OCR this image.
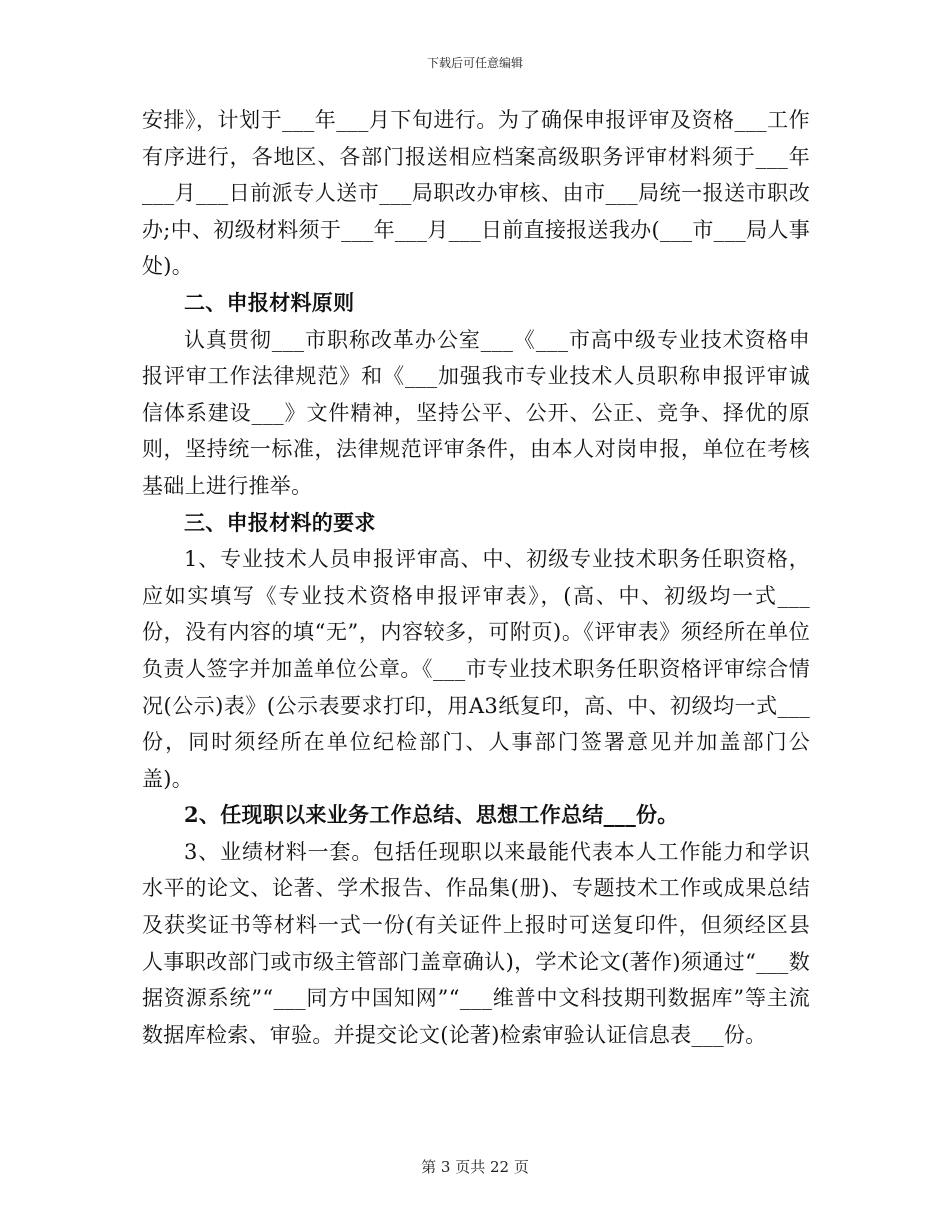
下载后可任意编辑

安排》，计划于___年___月下旬进行。为了确保申报评审及资格___工作有序进行，各地区、各部门报送相应档案高级职务评审材料须于___年___月___日前派专人送市___局职改办审核、由市___局统一报送市职改办;中、初级材料须于___年___月___日前直接报送我办(___市___局人事处)。

二、申报材料原则

认真贯彻___市职称改革办公室___《___市高中级专业技术资格申报评审工作法律规范》和《___加强我市专业技术人员职称申报评审诚信体系建设___》文件精神，坚持公平、公开、公正、竞争、择优的原则，坚持统一标准，法律规范评审条件，由本人对岗申报，单位在考核基础上进行推举。

三、申报材料的要求

1、专业技术人员申报评审高、中、初级专业技术职务任职资格，应如实填写《专业技术资格申报评审表》，(高、中、初级均一式___份，没有内容的填“无”，内容较多，可附页)。《评审表》须经所在单位负责人签字并加盖单位公章。《___市专业技术职务任职资格评审综合情况(公示)表》(公示表要求打印，用A3纸复印，高、中、初级均一式___份，同时须经所在单位纪检部门、人事部门签署意见并加盖部门公盖)。

2、任现职以来业务工作总结、思想工作总结___份。

3、业绩材料一套。包括任现职以来最能代表本人工作能力和学识水平的论文、论著、学术报告、作品集(册)、专题技术工作或成果总结及获奖证书等材料一式一份(有关证件上报时可送复印件，但须经区县人事职改部门或市级主管部门盖章确认)，学术论文(著作)须通过“___数据资源系统”“___同方中国知网”“___维普中文科技期刊数据库”等主流数据库检索、审验。并提交论文(论著)检索审验认证信息表___份。

第 3 页共 22 页
